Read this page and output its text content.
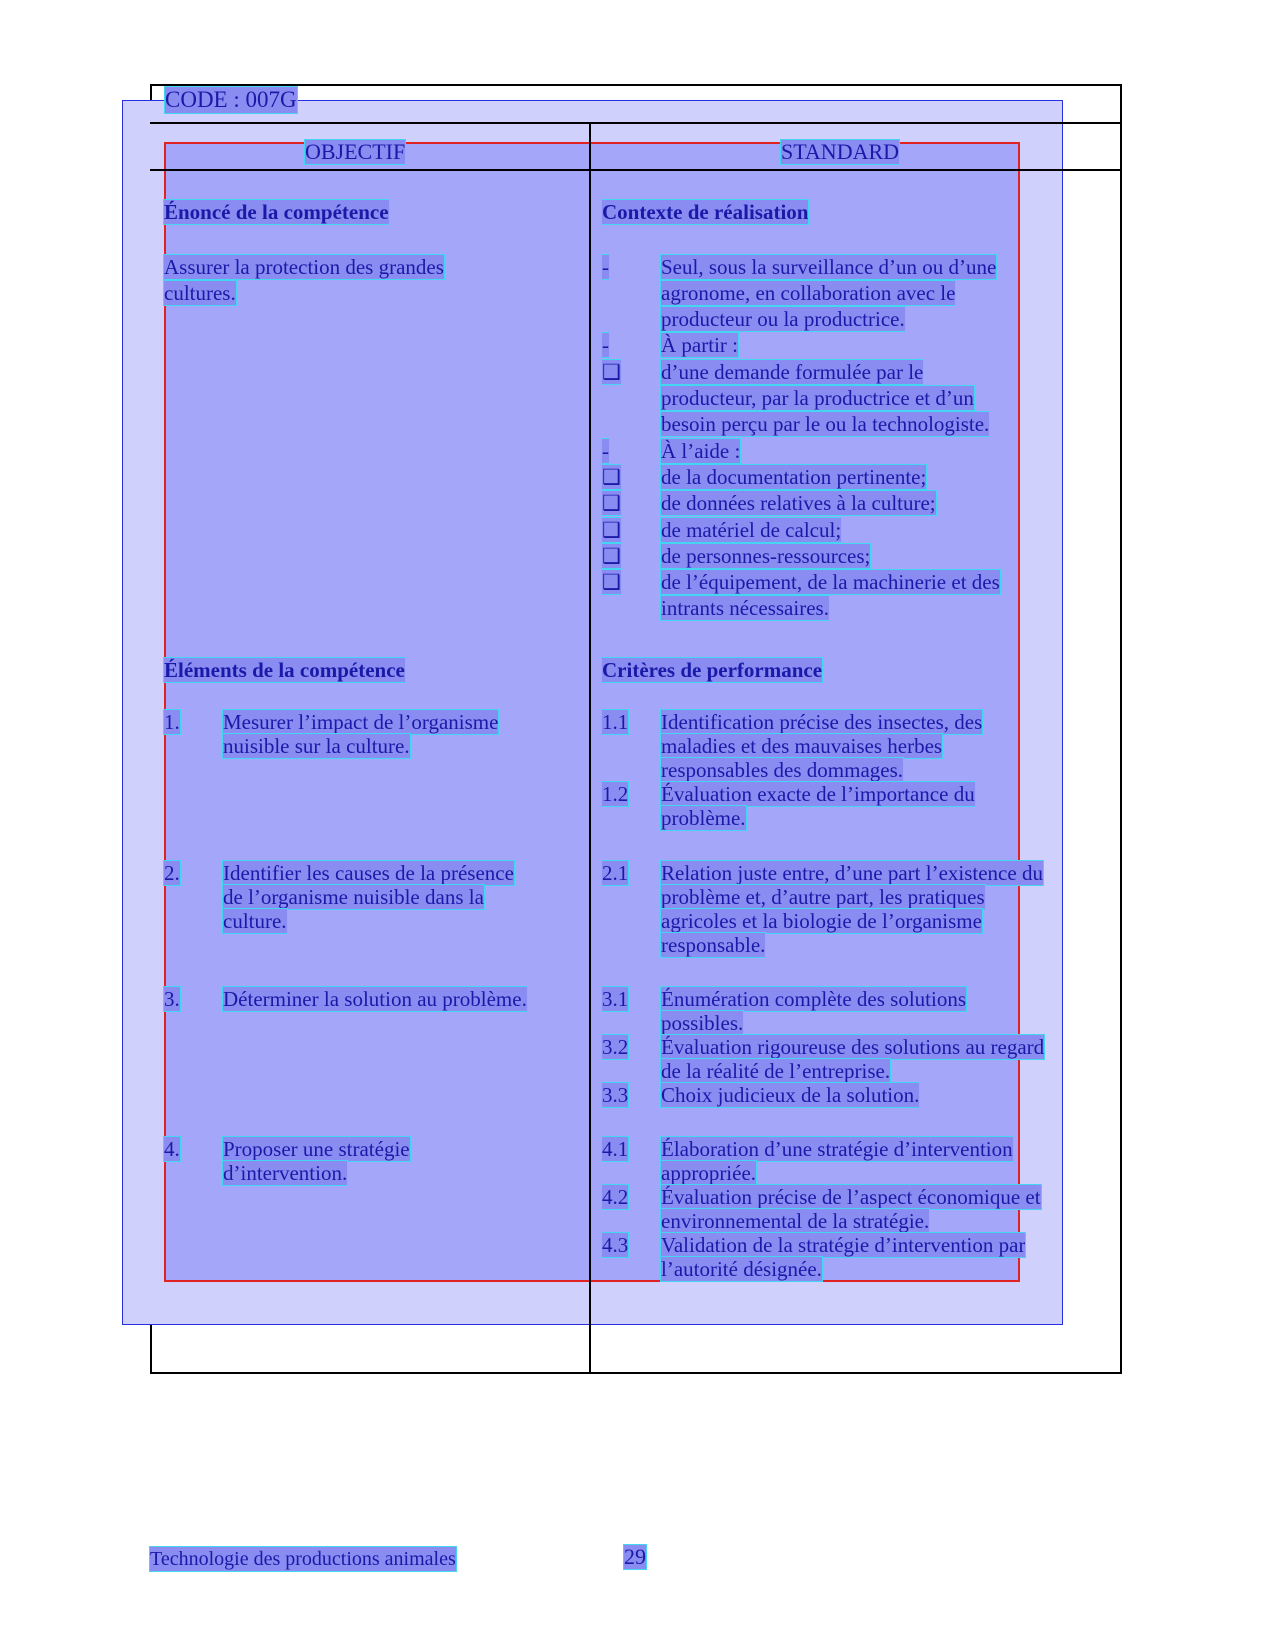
CODE : 007G
OBJECTIF	STANDARD
Énoncé de la compétence
Assurer la protection des grandes
cultures.
Éléments de la compétence
1. Mesurer l’impact de l’organisme
nuisible sur la culture.
2. Identifier les causes de la présence
de l’organisme nuisible dans la
culture.
3. Déterminer la solution au problème.
4. Proposer une stratégie
d’intervention.
Contexte de réalisation
- Seul, sous la surveillance d’un ou d’une
agronome, en collaboration avec le
producteur ou la productrice.
- À partir :
❑ d’une demande formulée par le
producteur, par la productrice et d’un
besoin perçu par le ou la technologiste.
- À l’aide :
❑ de la documentation pertinente;
❑ de données relatives à la culture;
❑ de matériel de calcul;
❑ de personnes-ressources;
❑ de l’équipement, de la machinerie et des
intrants nécessaires.
Critères de performance
1.1 Identification précise des insectes, des
maladies et des mauvaises herbes
responsables des dommages.
1.2 Évaluation exacte de l’importance du
problème.
2.1 Relation juste entre, d’une part l’existence du
problème et, d’autre part, les pratiques
agricoles et la biologie de l’organisme
responsable.
3.1 Énumération complète des solutions
possibles.
3.2 Évaluation rigoureuse des solutions au regard
de la réalité de l’entreprise.
3.3 Choix judicieux de la solution.
4.1 Élaboration d’une stratégie d’intervention
appropriée.
4.2 Évaluation précise de l’aspect économique et
environnemental de la stratégie.
4.3 Validation de la stratégie d’intervention par
l’autorité désignée.
Technologie des productions animales	29
